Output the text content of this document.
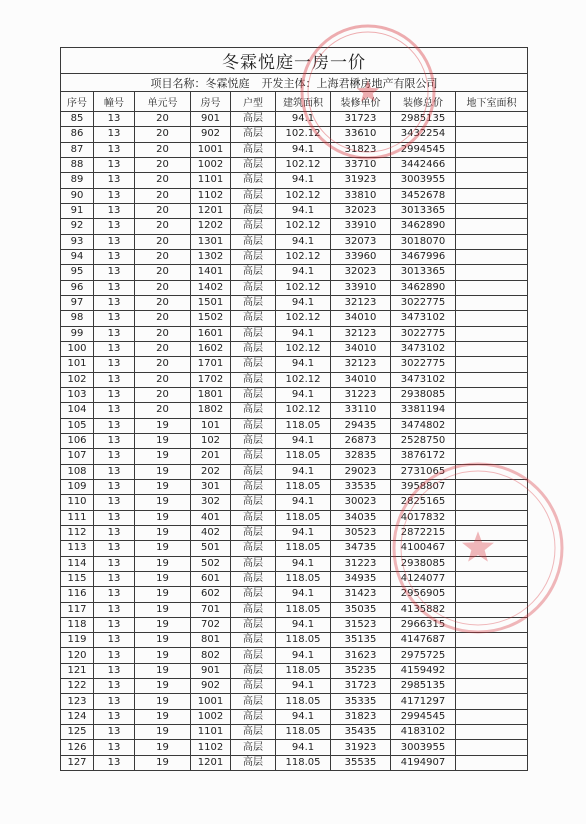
冬霖悦庭一房一价								
项目名称：冬霖悦庭 开发主体：上海君楙房地产有限公司								
序号	幢号	单元号	房号	户型	建筑面积	装修单价	装修总价	地下室面积
85	13	20	901	高层	94.1	31723	2985135	
86	13	20	902	高层	102.12	33610	3432254	
87	13	20	1001	高层	94.1	31823	2994545	
88	13	20	1002	高层	102.12	33710	3442466	
89	13	20	1101	高层	94.1	31923	3003955	
90	13	20	1102	高层	102.12	33810	3452678	
91	13	20	1201	高层	94.1	32023	3013365	
92	13	20	1202	高层	102.12	33910	3462890	
93	13	20	1301	高层	94.1	32073	3018070	
94	13	20	1302	高层	102.12	33960	3467996	
95	13	20	1401	高层	94.1	32023	3013365	
96	13	20	1402	高层	102.12	33910	3462890	
97	13	20	1501	高层	94.1	32123	3022775	
98	13	20	1502	高层	102.12	34010	3473102	
99	13	20	1601	高层	94.1	32123	3022775	
100	13	20	1602	高层	102.12	34010	3473102	
101	13	20	1701	高层	94.1	32123	3022775	
102	13	20	1702	高层	102.12	34010	3473102	
103	13	20	1801	高层	94.1	31223	2938085	
104	13	20	1802	高层	102.12	33110	3381194	
105	13	19	101	高层	118.05	29435	3474802	
106	13	19	102	高层	94.1	26873	2528750	
107	13	19	201	高层	118.05	32835	3876172	
108	13	19	202	高层	94.1	29023	2731065	
109	13	19	301	高层	118.05	33535	3958807	
110	13	19	302	高层	94.1	30023	2825165	
111	13	19	401	高层	118.05	34035	4017832	
112	13	19	402	高层	94.1	30523	2872215	
113	13	19	501	高层	118.05	34735	4100467	
114	13	19	502	高层	94.1	31223	2938085	
115	13	19	601	高层	118.05	34935	4124077	
116	13	19	602	高层	94.1	31423	2956905	
117	13	19	701	高层	118.05	35035	4135882	
118	13	19	702	高层	94.1	31523	2966315	
119	13	19	801	高层	118.05	35135	4147687	
120	13	19	802	高层	94.1	31623	2975725	
121	13	19	901	高层	118.05	35235	4159492	
122	13	19	902	高层	94.1	31723	2985135	
123	13	19	1001	高层	118.05	35335	4171297	
124	13	19	1002	高层	94.1	31823	2994545	
125	13	19	1101	高层	118.05	35435	4183102	
126	13	19	1102	高层	94.1	31923	3003955	
127	13	19	1201	高层	118.05	35535	4194907	
